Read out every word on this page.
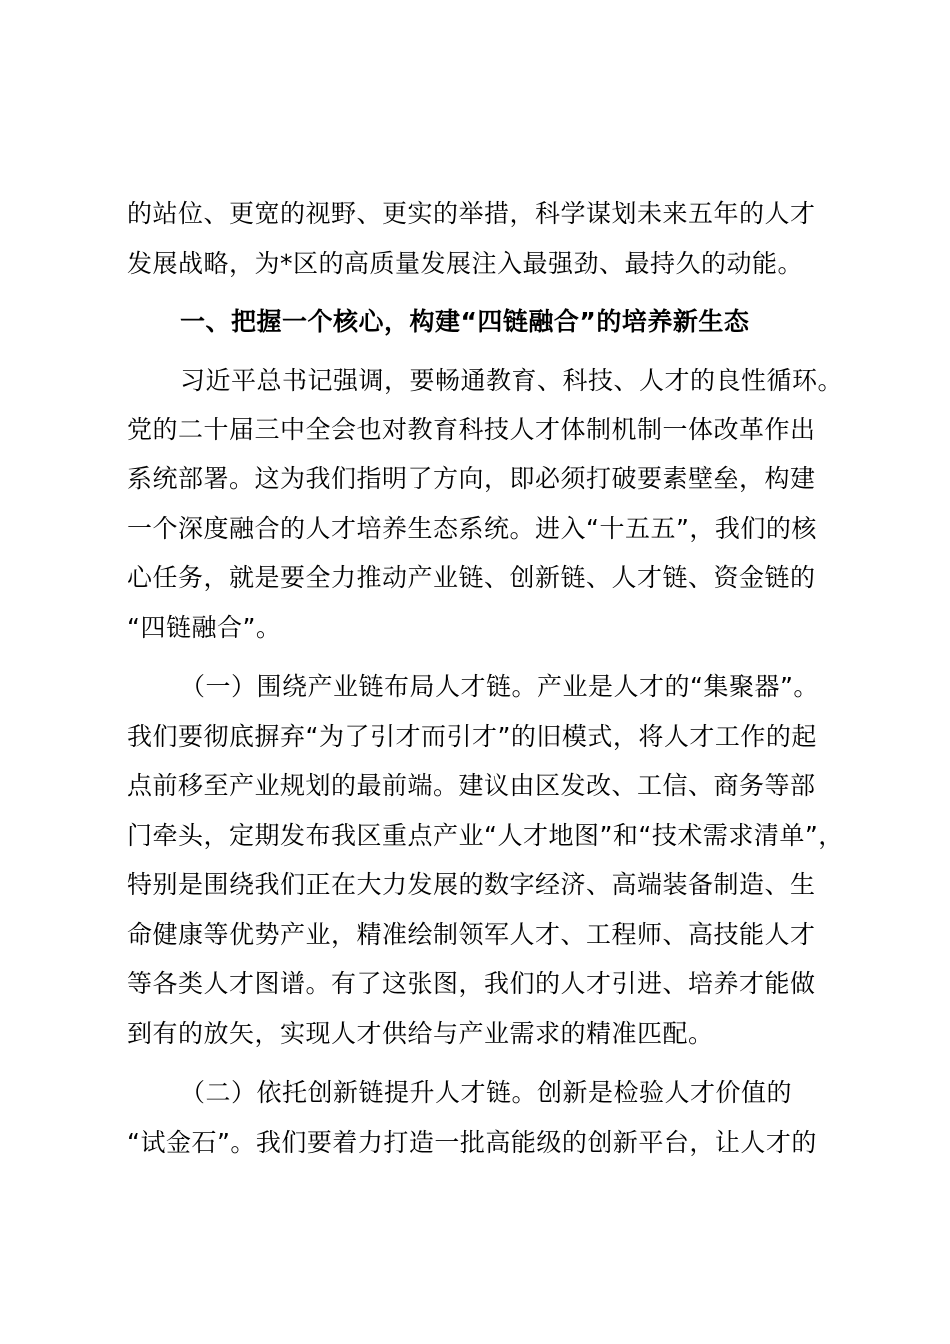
的站位、更宽的视野、更实的举措，科学谋划未来五年的人才
发展战略，为*区的高质量发展注入最强劲、最持久的动能。
一、把握一个核心，构建“四链融合”的培养新生态
习近平总书记强调，要畅通教育、科技、人才的良性循环。
党的二十届三中全会也对教育科技人才体制机制一体改革作出
系统部署。这为我们指明了方向，即必须打破要素壁垒，构建
一个深度融合的人才培养生态系统。进入“十五五”，我们的核
心任务，就是要全力推动产业链、创新链、人才链、资金链的
“四链融合”。
（一）围绕产业链布局人才链。产业是人才的“集聚器”。
我们要彻底摒弃“为了引才而引才”的旧模式，将人才工作的起
点前移至产业规划的最前端。建议由区发改、工信、商务等部
门牵头，定期发布我区重点产业“人才地图”和“技术需求清单”，
特别是围绕我们正在大力发展的数字经济、高端装备制造、生
命健康等优势产业，精准绘制领军人才、工程师、高技能人才
等各类人才图谱。有了这张图，我们的人才引进、培养才能做
到有的放矢，实现人才供给与产业需求的精准匹配。
（二）依托创新链提升人才链。创新是检验人才价值的
“试金石”。我们要着力打造一批高能级的创新平台，让人才的
